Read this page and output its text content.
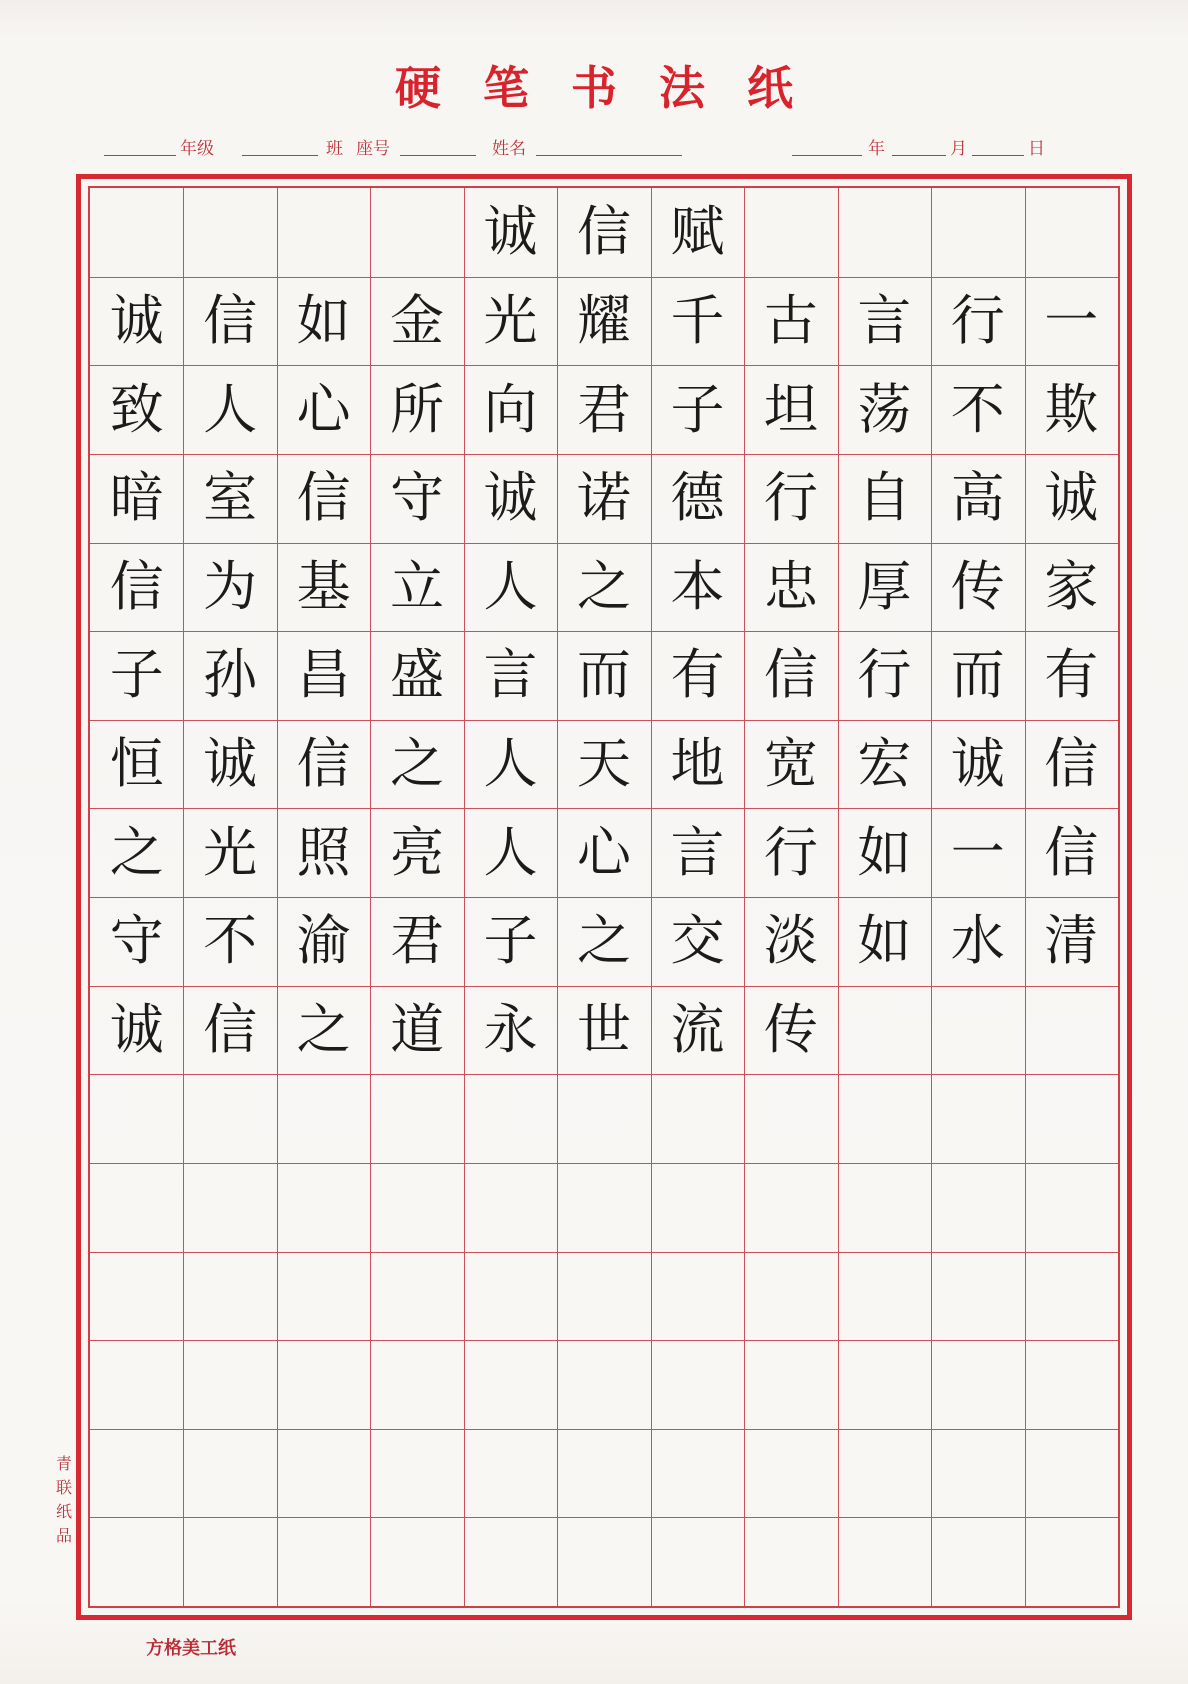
硬笔书法纸
年级	班 座号	姓名	年	月	日
诚 信 赋
诚 信 如 金 光 耀 千 古 言 行 一
致 人 心 所 向 君 子 坦 荡 不 欺
暗 室 信 守 诚 诺 德 行 自 高 诚
信 为 基 立 人 之 本 忠 厚 传 家
子 孙 昌 盛 言 而 有 信 行 而 有
恒 诚 信 之 人 天 地 宽 宏 诚 信
之 光 照 亮 人 心 言 行 如 一 信
守 不 渝 君 子 之 交 淡 如 水 清
诚 信 之 道 永 世 流 传
青联纸品
方格美工纸
